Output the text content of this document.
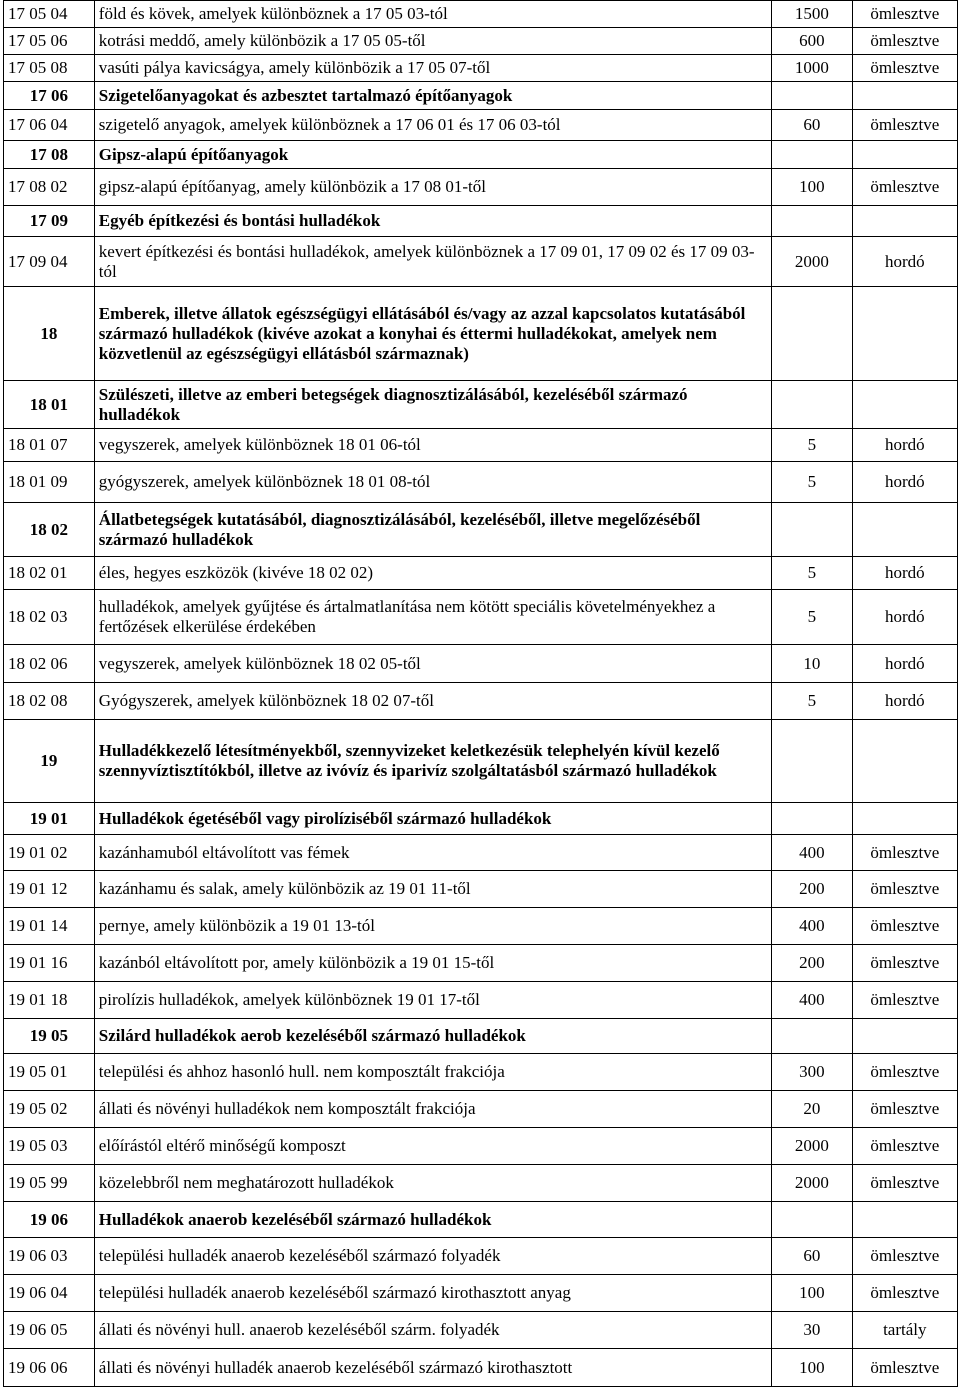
17 05 04	föld és kövek, amelyek különböznek a 17 05 03-tól	1500	ömlesztve
17 05 06	kotrási meddő, amely különbözik a 17 05 05-től	600	ömlesztve
17 05 08	vasúti pálya kavicságya, amely különbözik a 17 05 07-től	1000	ömlesztve
17 06	Szigetelőanyagokat és azbesztet tartalmazó építőanyagok		
17 06 04	szigetelő anyagok, amelyek különböznek a 17 06 01 és 17 06 03-tól	60	ömlesztve
17 08	Gipsz-alapú építőanyagok		
17 08 02	gipsz-alapú építőanyag, amely különbözik a 17 08 01-től	100	ömlesztve
17 09	Egyéb építkezési és bontási hulladékok		
17 09 04	kevert építkezési és bontási hulladékok, amelyek különböznek a 17 09 01, 17 09 02 és 17 09 03-tól	2000	hordó
18	Emberek, illetve állatok egészségügyi ellátásából és/vagy az azzal kapcsolatos kutatásából származó hulladékok (kivéve azokat a konyhai és éttermi hulladékokat, amelyek nem közvetlenül az egészségügyi ellátásból származnak)		
18 01	Szülészeti, illetve az emberi betegségek diagnosztizálásából, kezeléséből származó hulladékok		
18 01 07	vegyszerek, amelyek különböznek 18 01 06-tól	5	hordó
18 01 09	gyógyszerek, amelyek különböznek 18 01 08-tól	5	hordó
18 02	Állatbetegségek kutatásából, diagnosztizálásából, kezeléséből, illetve megelőzéséből származó hulladékok		
18 02 01	éles, hegyes eszközök (kivéve 18 02 02)	5	hordó
18 02 03	hulladékok, amelyek gyűjtése és ártalmatlanítása nem kötött speciális követelményekhez a fertőzések elkerülése érdekében	5	hordó
18 02 06	vegyszerek, amelyek különböznek 18 02 05-től	10	hordó
18 02 08	Gyógyszerek, amelyek különböznek 18 02 07-től	5	hordó
19	Hulladékkezelő létesítményekből, szennyvizeket keletkezésük telephelyén kívül kezelő szennyvíztisztítókból, illetve az ivóvíz és iparivíz szolgáltatásból származó hulladékok		
19 01	Hulladékok égetéséből vagy pirolíziséből származó hulladékok		
19 01 02	kazánhamuból eltávolított vas fémek	400	ömlesztve
19 01 12	kazánhamu és salak, amely különbözik az 19 01 11-től	200	ömlesztve
19 01 14	pernye, amely különbözik a 19 01 13-tól	400	ömlesztve
19 01 16	kazánból eltávolított por, amely különbözik a 19 01 15-től	200	ömlesztve
19 01 18	pirolízis hulladékok, amelyek különböznek 19 01 17-től	400	ömlesztve
19 05	Szilárd hulladékok aerob kezeléséből származó hulladékok		
19 05 01	települési és ahhoz hasonló hull. nem komposztált frakciója	300	ömlesztve
19 05 02	állati és növényi hulladékok nem komposztált frakciója	20	ömlesztve
19 05 03	előírástól eltérő minőségű komposzt	2000	ömlesztve
19 05 99	közelebbről nem meghatározott hulladékok	2000	ömlesztve
19 06	Hulladékok anaerob kezeléséből származó hulladékok		
19 06 03	települési hulladék anaerob kezeléséből származó folyadék	60	ömlesztve
19 06 04	települési hulladék anaerob kezeléséből származó kirothasztott anyag	100	ömlesztve
19 06 05	állati és növényi hull. anaerob kezeléséből szárm. folyadék	30	tartály
19 06 06	állati és növényi hulladék anaerob kezeléséből származó kirothasztott	100	ömlesztve
